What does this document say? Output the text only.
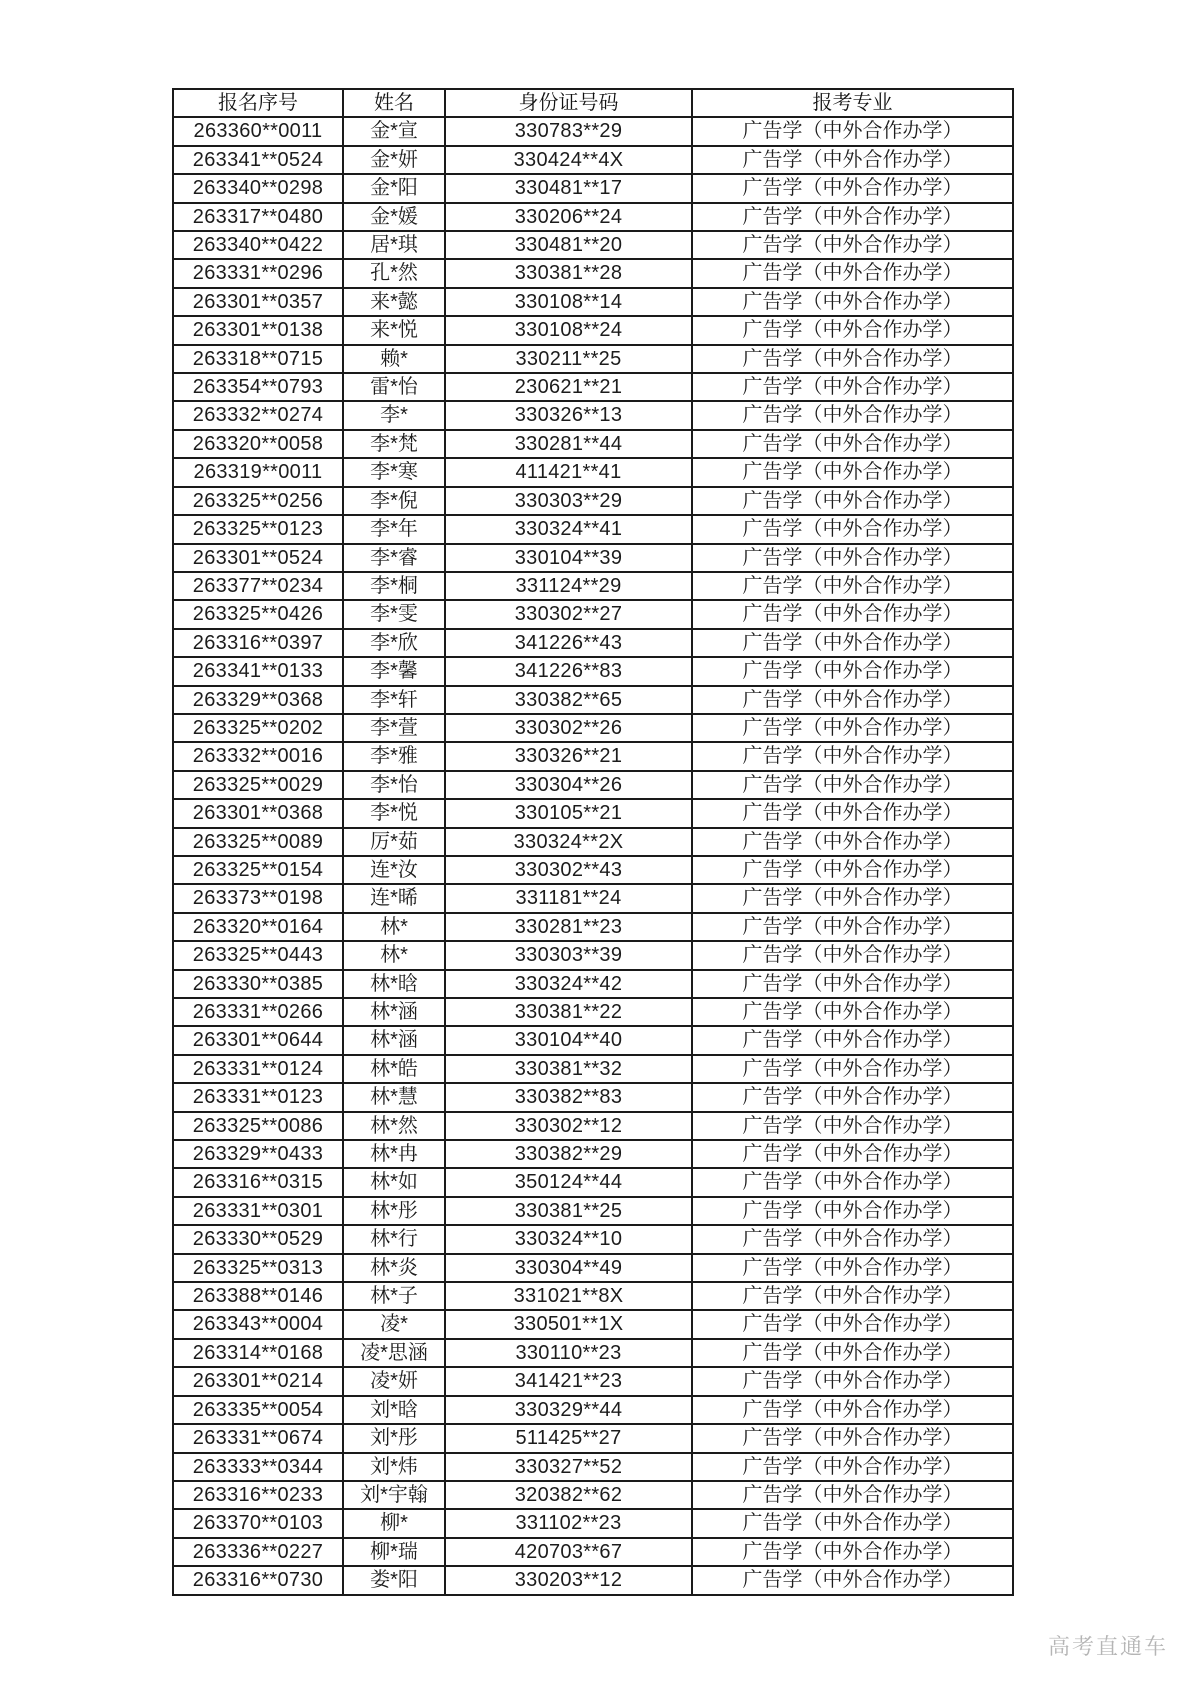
报名序号	姓名	身份证号码	报考专业
263360**0011	金*宣	330783**29	广告学（中外合作办学）
263341**0524	金*妍	330424**4X	广告学（中外合作办学）
263340**0298	金*阳	330481**17	广告学（中外合作办学）
263317**0480	金*媛	330206**24	广告学（中外合作办学）
263340**0422	居*琪	330481**20	广告学（中外合作办学）
263331**0296	孔*然	330381**28	广告学（中外合作办学）
263301**0357	来*懿	330108**14	广告学（中外合作办学）
263301**0138	来*悦	330108**24	广告学（中外合作办学）
263318**0715	赖*	330211**25	广告学（中外合作办学）
263354**0793	雷*怡	230621**21	广告学（中外合作办学）
263332**0274	李*	330326**13	广告学（中外合作办学）
263320**0058	李*梵	330281**44	广告学（中外合作办学）
263319**0011	李*寒	411421**41	广告学（中外合作办学）
263325**0256	李*倪	330303**29	广告学（中外合作办学）
263325**0123	李*年	330324**41	广告学（中外合作办学）
263301**0524	李*睿	330104**39	广告学（中外合作办学）
263377**0234	李*桐	331124**29	广告学（中外合作办学）
263325**0426	李*雯	330302**27	广告学（中外合作办学）
263316**0397	李*欣	341226**43	广告学（中外合作办学）
263341**0133	李*馨	341226**83	广告学（中外合作办学）
263329**0368	李*轩	330382**65	广告学（中外合作办学）
263325**0202	李*萱	330302**26	广告学（中外合作办学）
263332**0016	李*雅	330326**21	广告学（中外合作办学）
263325**0029	李*怡	330304**26	广告学（中外合作办学）
263301**0368	李*悦	330105**21	广告学（中外合作办学）
263325**0089	厉*茹	330324**2X	广告学（中外合作办学）
263325**0154	连*汝	330302**43	广告学（中外合作办学）
263373**0198	连*晞	331181**24	广告学（中外合作办学）
263320**0164	林*	330281**23	广告学（中外合作办学）
263325**0443	林*	330303**39	广告学（中外合作办学）
263330**0385	林*晗	330324**42	广告学（中外合作办学）
263331**0266	林*涵	330381**22	广告学（中外合作办学）
263301**0644	林*涵	330104**40	广告学（中外合作办学）
263331**0124	林*皓	330381**32	广告学（中外合作办学）
263331**0123	林*慧	330382**83	广告学（中外合作办学）
263325**0086	林*然	330302**12	广告学（中外合作办学）
263329**0433	林*冉	330382**29	广告学（中外合作办学）
263316**0315	林*如	350124**44	广告学（中外合作办学）
263331**0301	林*彤	330381**25	广告学（中外合作办学）
263330**0529	林*行	330324**10	广告学（中外合作办学）
263325**0313	林*炎	330304**49	广告学（中外合作办学）
263388**0146	林*子	331021**8X	广告学（中外合作办学）
263343**0004	凌*	330501**1X	广告学（中外合作办学）
263314**0168	凌*思涵	330110**23	广告学（中外合作办学）
263301**0214	凌*妍	341421**23	广告学（中外合作办学）
263335**0054	刘*晗	330329**44	广告学（中外合作办学）
263331**0674	刘*彤	511425**27	广告学（中外合作办学）
263333**0344	刘*炜	330327**52	广告学（中外合作办学）
263316**0233	刘*宇翰	320382**62	广告学（中外合作办学）
263370**0103	柳*	331102**23	广告学（中外合作办学）
263336**0227	柳*瑞	420703**67	广告学（中外合作办学）
263316**0730	娄*阳	330203**12	广告学（中外合作办学）
高考直通车
